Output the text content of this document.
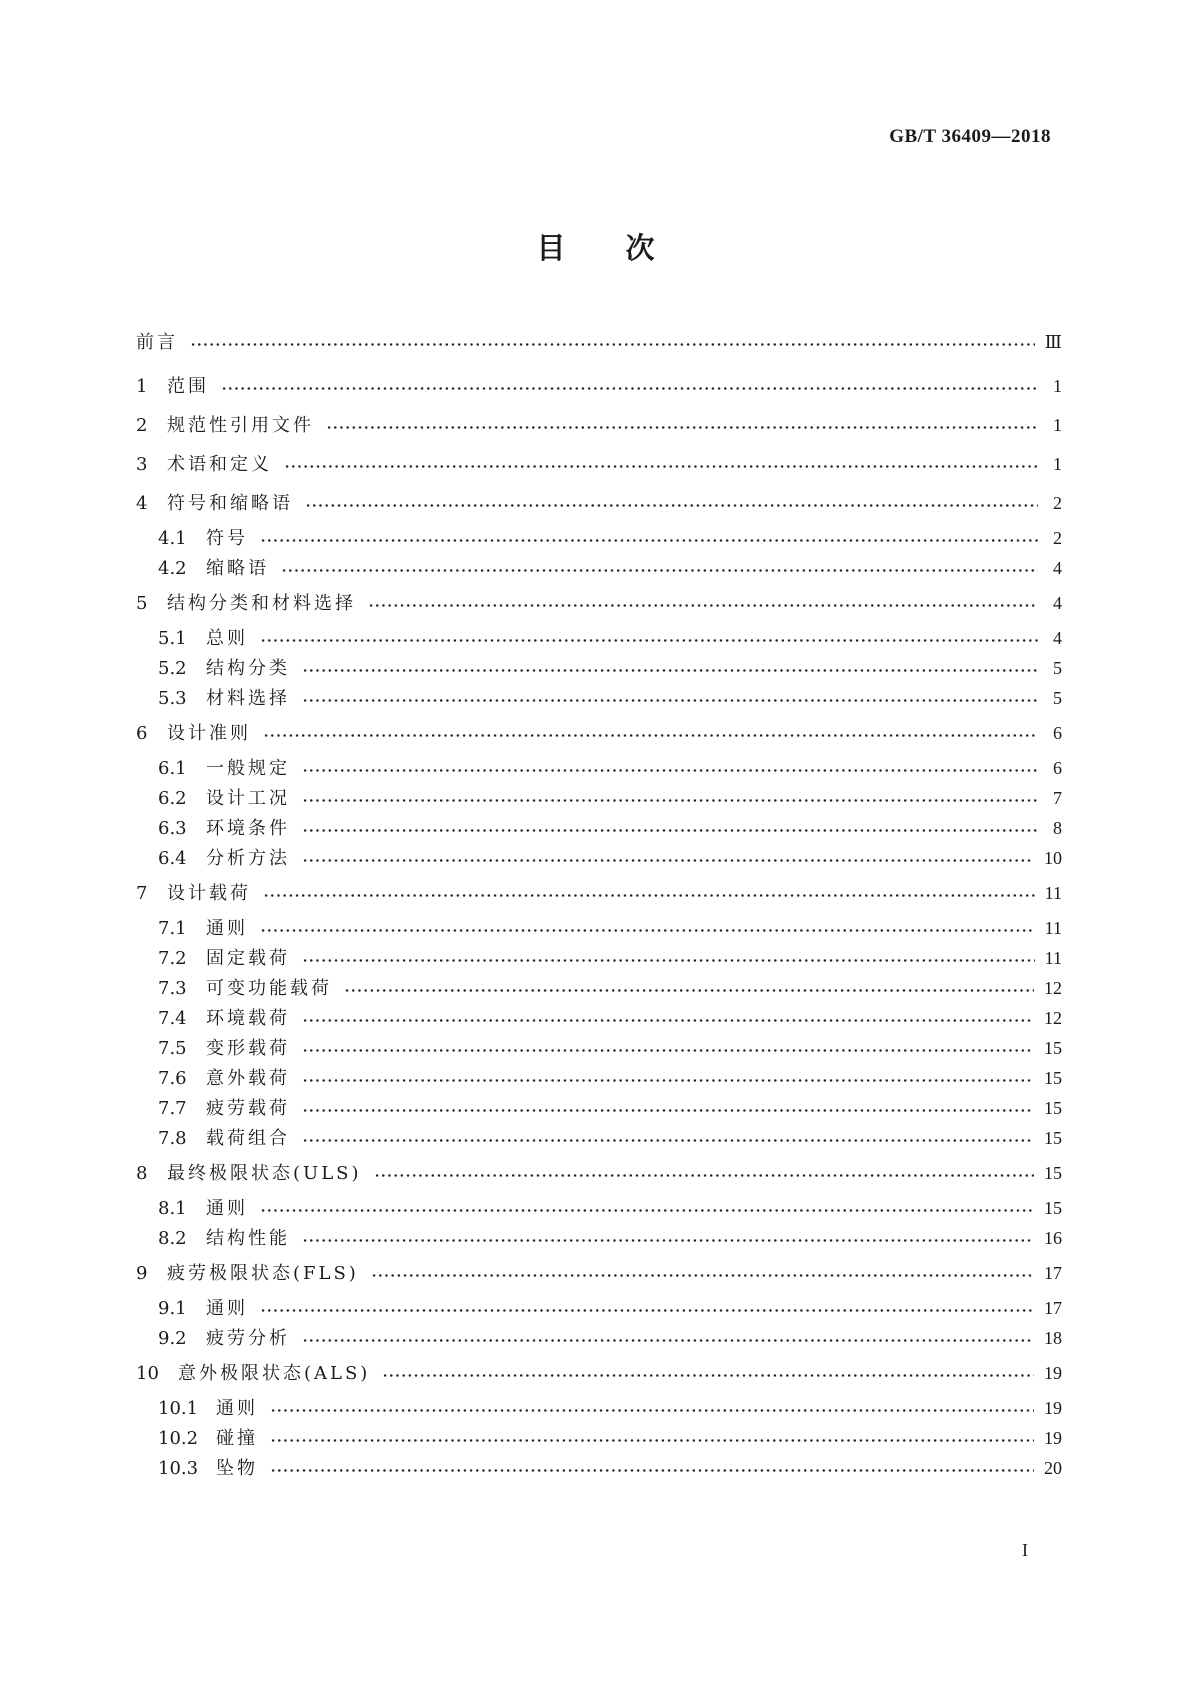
GB/T 36409—2018
目次
前言	Ⅲ
1	范围	1
2	规范性引用文件	1
3	术语和定义	1
4	符号和缩略语	2
4.1	符号	2
4.2	缩略语	4
5	结构分类和材料选择	4
5.1	总则	4
5.2	结构分类	5
5.3	材料选择	5
6	设计准则	6
6.1	一般规定	6
6.2	设计工况	7
6.3	环境条件	8
6.4	分析方法	10
7	设计载荷	11
7.1	通则	11
7.2	固定载荷	11
7.3	可变功能载荷	12
7.4	环境载荷	12
7.5	变形载荷	15
7.6	意外载荷	15
7.7	疲劳载荷	15
7.8	载荷组合	15
8	最终极限状态(ULS)	15
8.1	通则	15
8.2	结构性能	16
9	疲劳极限状态(FLS)	17
9.1	通则	17
9.2	疲劳分析	18
10	意外极限状态(ALS)	19
10.1 通则	19
10.2 碰撞	19
10.3 坠物	20
I
